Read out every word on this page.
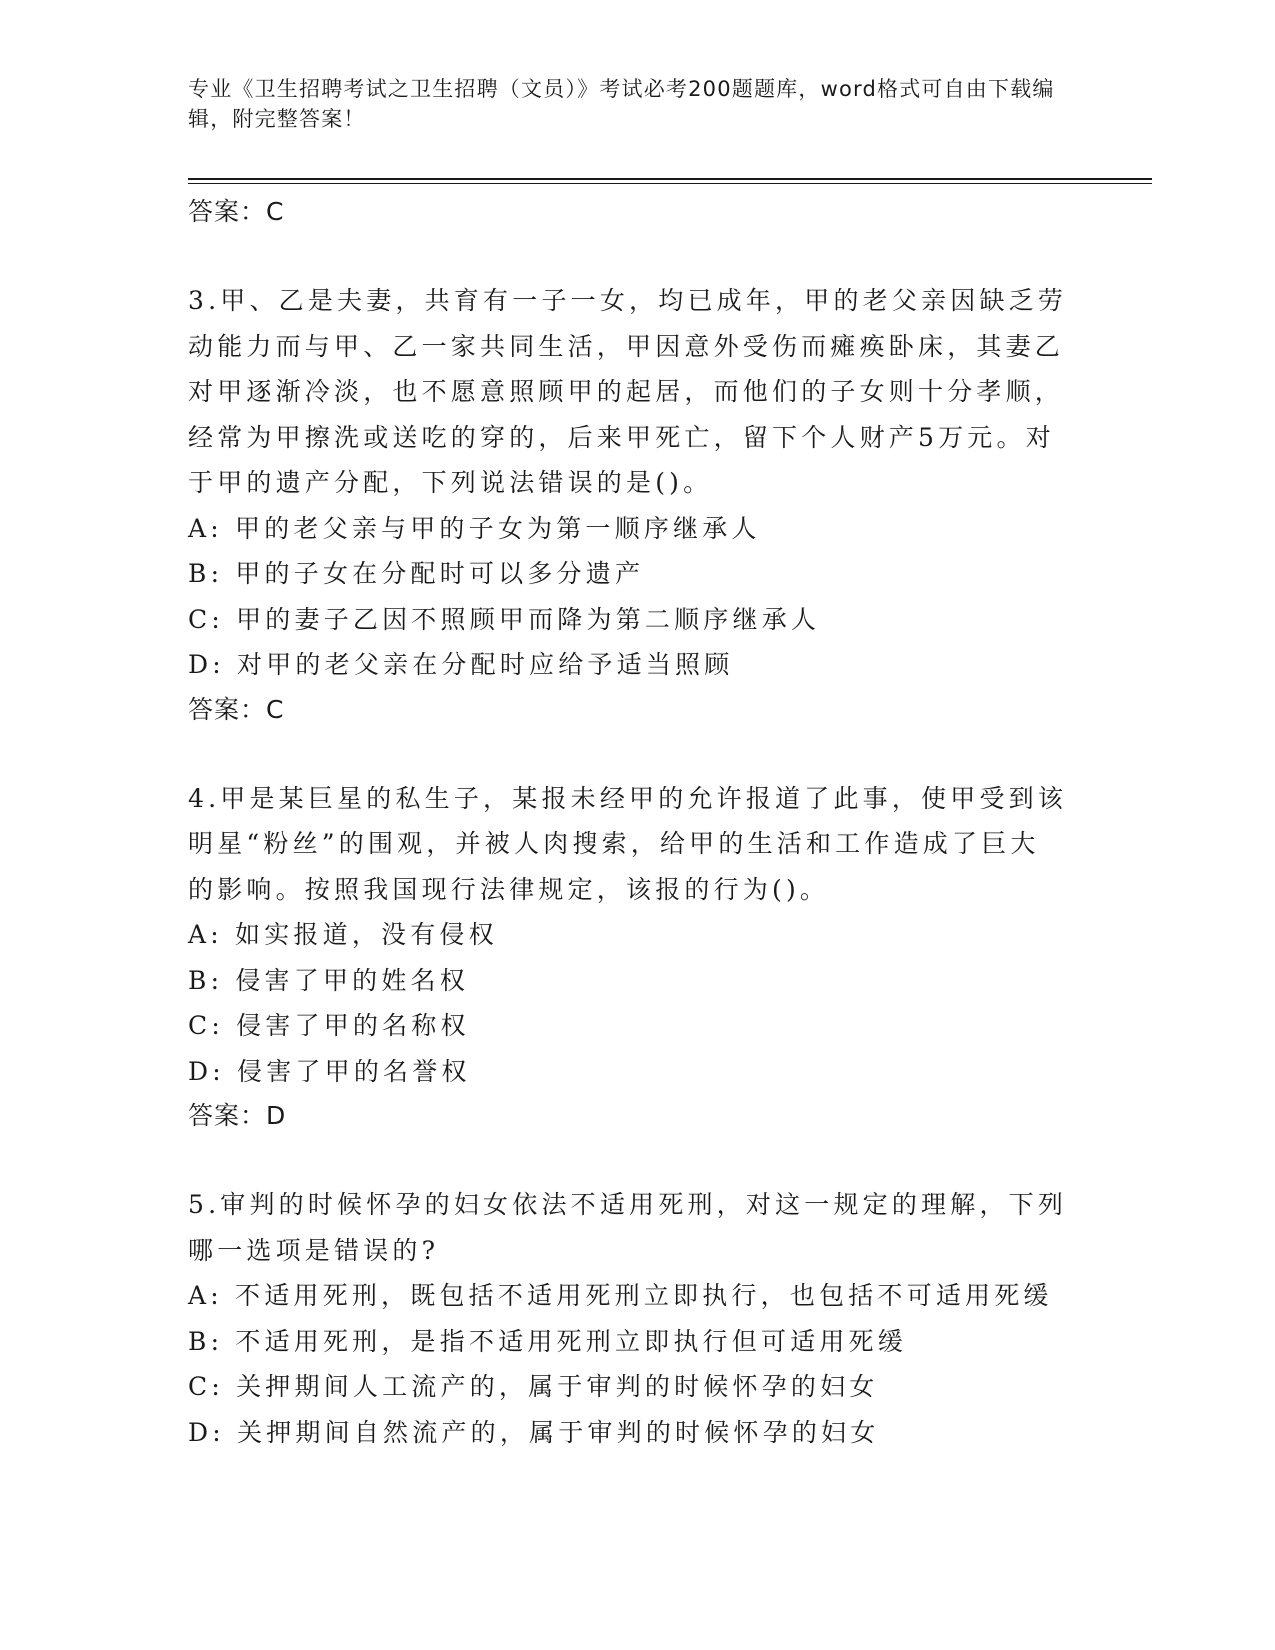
专业《卫生招聘考试之卫生招聘（文员）》考试必考200题题库，word格式可自由下载编辑，附完整答案！
答案：C
3.甲、乙是夫妻，共育有一子一女，均已成年，甲的老父亲因缺乏劳动能力而与甲、乙一家共同生活，甲因意外受伤而瘫痪卧床，其妻乙对甲逐渐冷淡，也不愿意照顾甲的起居，而他们的子女则十分孝顺，经常为甲擦洗或送吃的穿的，后来甲死亡，留下个人财产5万元。对于甲的遗产分配，下列说法错误的是()。
A: 甲的老父亲与甲的子女为第一顺序继承人
B: 甲的子女在分配时可以多分遗产
C: 甲的妻子乙因不照顾甲而降为第二顺序继承人
D: 对甲的老父亲在分配时应给予适当照顾
答案：C
4.甲是某巨星的私生子，某报未经甲的允许报道了此事，使甲受到该明星“粉丝”的围观，并被人肉搜索，给甲的生活和工作造成了巨大的影响。按照我国现行法律规定，该报的行为()。
A: 如实报道，没有侵权
B: 侵害了甲的姓名权
C: 侵害了甲的名称权
D: 侵害了甲的名誉权
答案：D
5.审判的时候怀孕的妇女依法不适用死刑，对这一规定的理解，下列哪一选项是错误的?
A: 不适用死刑，既包括不适用死刑立即执行，也包括不可适用死缓
B: 不适用死刑，是指不适用死刑立即执行但可适用死缓
C: 关押期间人工流产的，属于审判的时候怀孕的妇女
D: 关押期间自然流产的，属于审判的时候怀孕的妇女
